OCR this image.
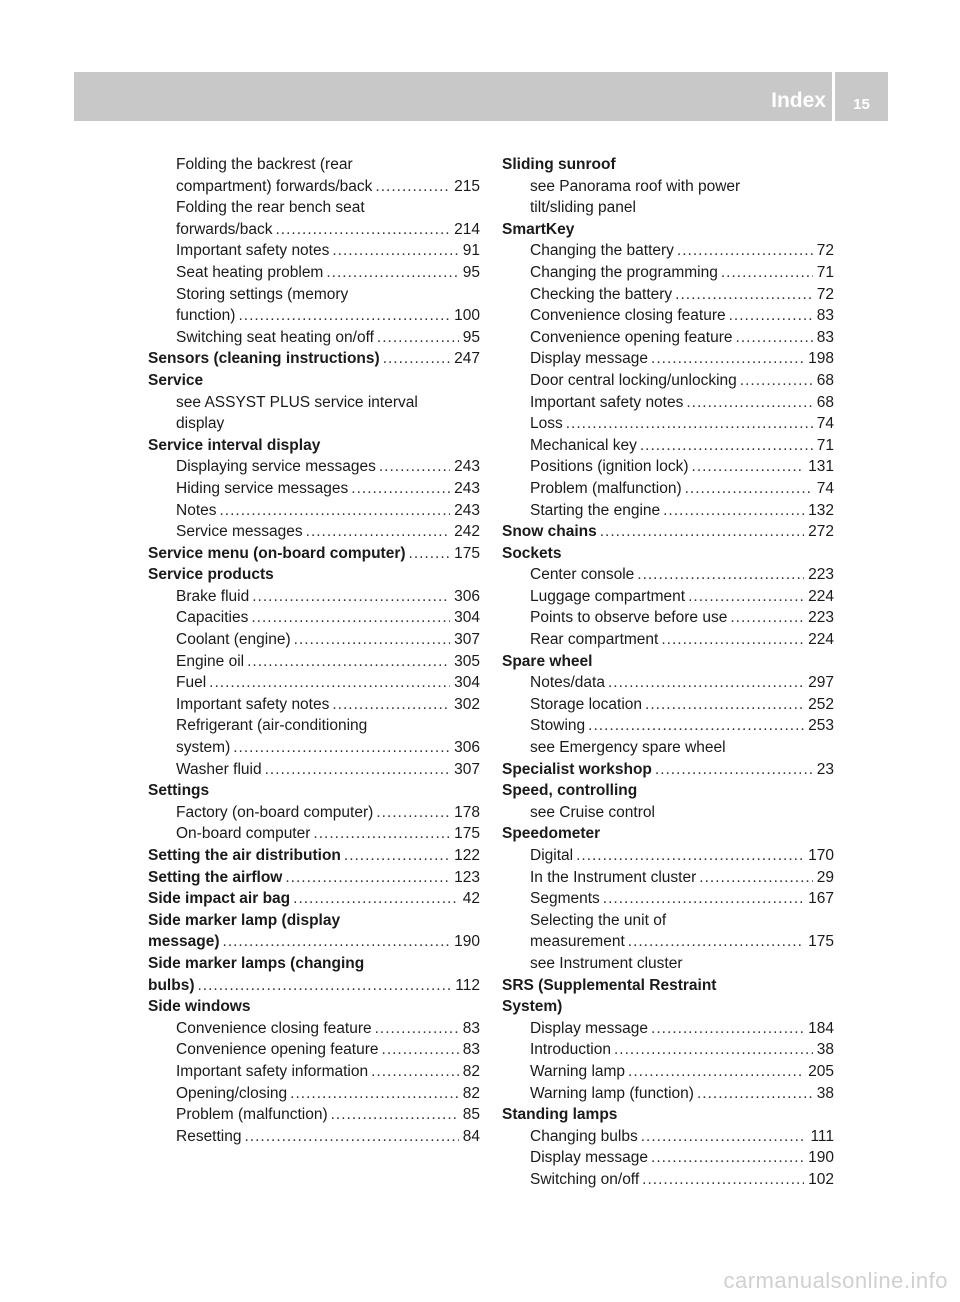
Index	15
Folding the backrest (rear
compartment) forwards/back .....	215
Folding the rear bench seat
forwards/back .....	214
Important safety notes .....	91
Seat heating problem .....	95
Storing settings (memory
function) .....	100
Switching seat heating on/off .....	95
Sensors (cleaning instructions) .....	247
Service
see ASSYST PLUS service interval
display
Service interval display
Displaying service messages .....	243
Hiding service messages .....	243
Notes .....	243
Service messages .....	242
Service menu (on-board computer) .....	175
Service products
Brake fluid .....	306
Capacities .....	304
Coolant (engine) .....	307
Engine oil .....	305
Fuel .....	304
Important safety notes .....	302
Refrigerant (air-conditioning
system) .....	306
Washer fluid .....	307
Settings
Factory (on-board computer) .....	178
On-board computer .....	175
Setting the air distribution .....	122
Setting the airflow .....	123
Side impact air bag .....	42
Side marker lamp (display
message) .....	190
Side marker lamps (changing
bulbs) .....	112
Side windows
Convenience closing feature .....	83
Convenience opening feature .....	83
Important safety information .....	82
Opening/closing .....	82
Problem (malfunction) .....	85
Resetting .....	84
Sliding sunroof
see Panorama roof with power
tilt/sliding panel
SmartKey
Changing the battery .....	72
Changing the programming .....	71
Checking the battery .....	72
Convenience closing feature .....	83
Convenience opening feature .....	83
Display message .....	198
Door central locking/unlocking .....	68
Important safety notes .....	68
Loss .....	74
Mechanical key .....	71
Positions (ignition lock) .....	131
Problem (malfunction) .....	74
Starting the engine .....	132
Snow chains .....	272
Sockets
Center console .....	223
Luggage compartment .....	224
Points to observe before use .....	223
Rear compartment .....	224
Spare wheel
Notes/data .....	297
Storage location .....	252
Stowing .....	253
see Emergency spare wheel
Specialist workshop .....	23
Speed, controlling
see Cruise control
Speedometer
Digital .....	170
In the Instrument cluster .....	29
Segments .....	167
Selecting the unit of
measurement .....	175
see Instrument cluster
SRS (Supplemental Restraint
System)
Display message .....	184
Introduction .....	38
Warning lamp .....	205
Warning lamp (function) .....	38
Standing lamps
Changing bulbs .....	111
Display message .....	190
Switching on/off .....	102
carmanualsonline.info
